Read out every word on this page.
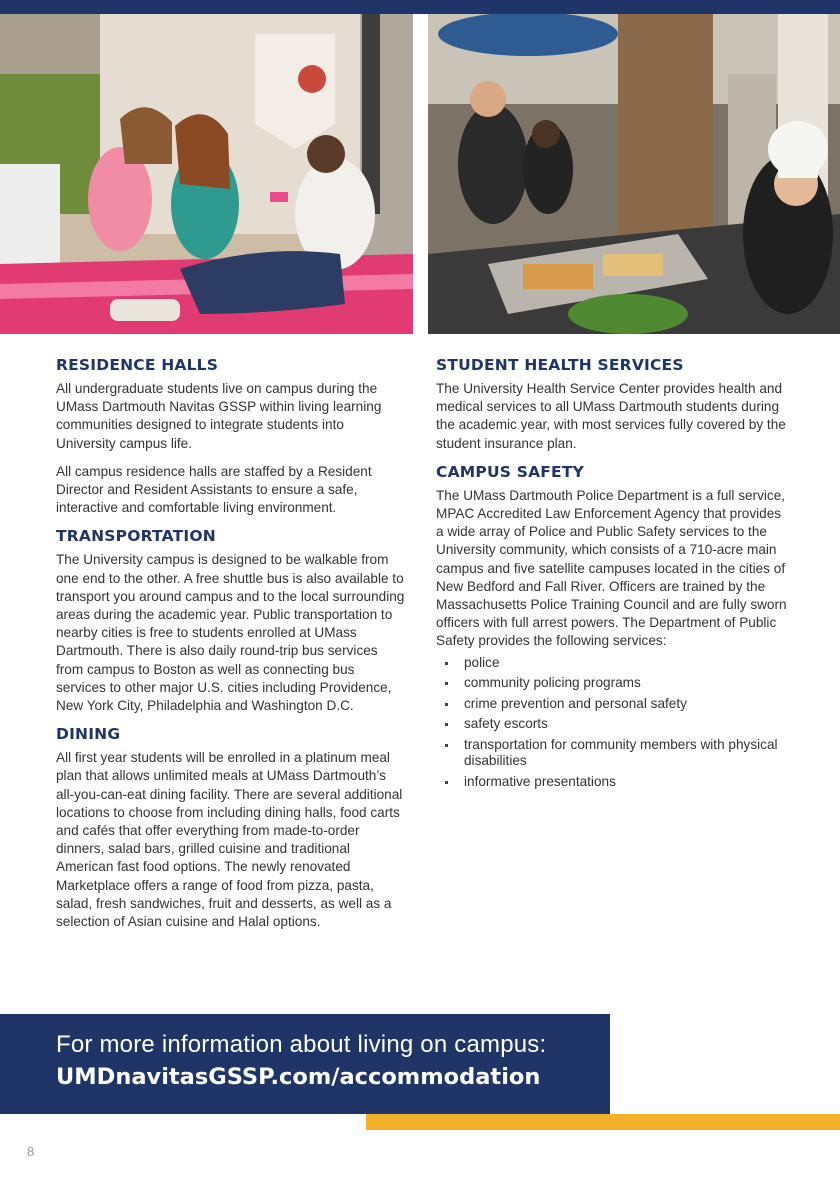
RESIDENCE HALLS

All undergraduate students live on campus during the UMass Dartmouth Navitas GSSP within living learning communities designed to integrate students into University campus life.

All campus residence halls are staffed by a Resident Director and Resident Assistants to ensure a safe, interactive and comfortable living environment.

TRANSPORTATION

The University campus is designed to be walkable from one end to the other. A free shuttle bus is also available to transport you around campus and to the local surrounding areas during the academic year. Public transportation to nearby cities is free to students enrolled at UMass Dartmouth. There is also daily round-trip bus services from campus to Boston as well as connecting bus services to other major U.S. cities including Providence, New York City, Philadelphia and Washington D.C.

DINING

All first year students will be enrolled in a platinum meal plan that allows unlimited meals at UMass Dartmouth’s all-you-can-eat dining facility. There are several additional locations to choose from including dining halls, food carts and cafés that offer everything from made-to-order dinners, salad bars, grilled cuisine and traditional American fast food options. The newly renovated Marketplace offers a range of food from pizza, pasta, salad, fresh sandwiches, fruit and desserts, as well as a selection of Asian cuisine and Halal options.

STUDENT HEALTH SERVICES

The University Health Service Center provides health and medical services to all UMass Dartmouth students during the academic year, with most services fully covered by the student insurance plan.

CAMPUS SAFETY

The UMass Dartmouth Police Department is a full service, MPAC Accredited Law Enforcement Agency that provides a wide array of Police and Public Safety services to the University community, which consists of a 710-acre main campus and five satellite campuses located in the cities of New Bedford and Fall River. Officers are trained by the Massachusetts Police Training Council and are fully sworn officers with full arrest powers. The Department of Public Safety provides the following services:

police
community policing programs
crime prevention and personal safety
safety escorts
transportation for community members with physical disabilities
informative presentations
For more information about living on campus:
UMDnavitasGSSP.com/accommodation
8
